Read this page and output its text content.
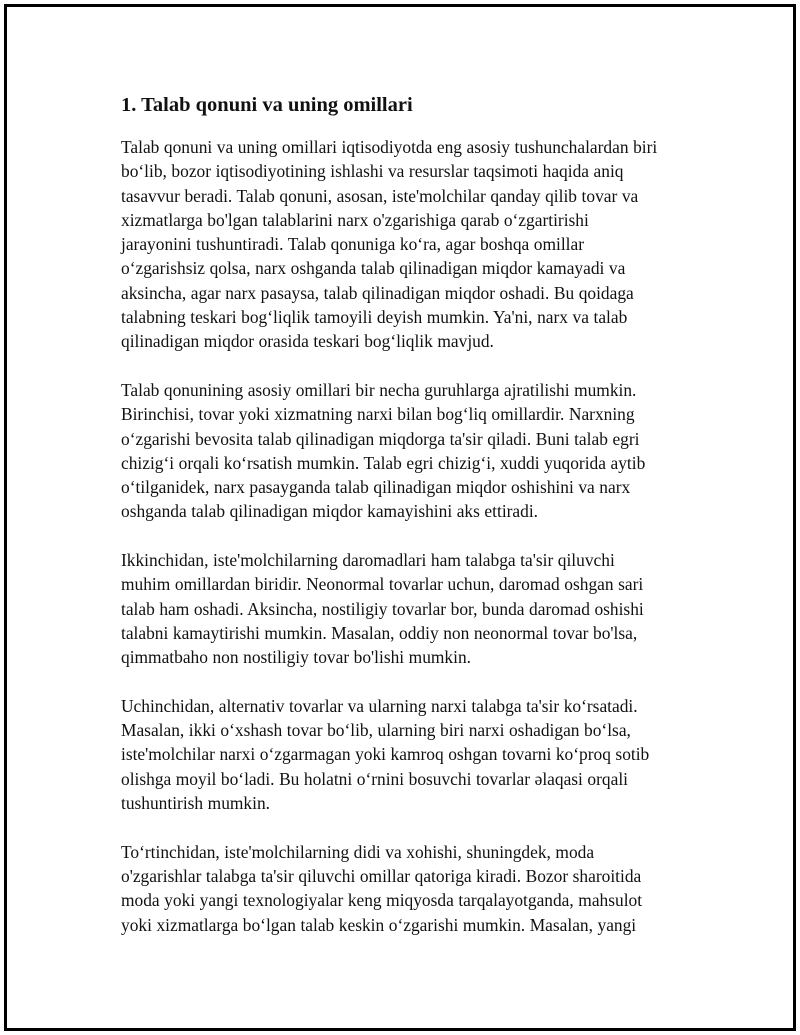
1. Talab qonuni va uning omillari

Talab qonuni va uning omillari iqtisodiyotda eng asosiy tushunchalardan biri
bo‘lib, bozor iqtisodiyotining ishlashi va resurslar taqsimoti haqida aniq
tasavvur beradi. Talab qonuni, asosan, iste'molchilar qanday qilib tovar va
xizmatlarga bo'lgan talablarini narx o'zgarishiga qarab o‘zgartirishi
jarayonini tushuntiradi. Talab qonuniga ko‘ra, agar boshqa omillar
o‘zgarishsiz qolsa, narx oshganda talab qilinadigan miqdor kamayadi va
aksincha, agar narx pasaysa, talab qilinadigan miqdor oshadi. Bu qoidaga
talabning teskari bog‘liqlik tamoyili deyish mumkin. Ya'ni, narx va talab
qilinadigan miqdor orasida teskari bog‘liqlik mavjud.

Talab qonunining asosiy omillari bir necha guruhlarga ajratilishi mumkin.
Birinchisi, tovar yoki xizmatning narxi bilan bog‘liq omillardir. Narxning
o‘zgarishi bevosita talab qilinadigan miqdorga ta'sir qiladi. Buni talab egri
chizig‘i orqali ko‘rsatish mumkin. Talab egri chizig‘i, xuddi yuqorida aytib
o‘tilganidek, narx pasayganda talab qilinadigan miqdor oshishini va narx
oshganda talab qilinadigan miqdor kamayishini aks ettiradi.

Ikkinchidan, iste'molchilarning daromadlari ham talabga ta'sir qiluvchi
muhim omillardan biridir. Neonormal tovarlar uchun, daromad oshgan sari
talab ham oshadi. Aksincha, nostiligiy tovarlar bor, bunda daromad oshishi
talabni kamaytirishi mumkin. Masalan, oddiy non neonormal tovar bo'lsa,
qimmatbaho non nostiligiy tovar bo'lishi mumkin.

Uchinchidan, alternativ tovarlar va ularning narxi talabga ta'sir ko‘rsatadi.
Masalan, ikki o‘xshash tovar bo‘lib, ularning biri narxi oshadigan bo‘lsa,
iste'molchilar narxi o‘zgarmagan yoki kamroq oshgan tovarni ko‘proq sotib
olishga moyil bo‘ladi. Bu holatni o‘rnini bosuvchi tovarlar əlaqasi orqali
tushuntirish mumkin.

To‘rtinchidan, iste'molchilarning didi va xohishi, shuningdek, moda
o'zgarishlar talabga ta'sir qiluvchi omillar qatoriga kiradi. Bozor sharoitida
moda yoki yangi texnologiyalar keng miqyosda tarqalayotganda, mahsulot
yoki xizmatlarga bo‘lgan talab keskin o‘zgarishi mumkin. Masalan, yangi
